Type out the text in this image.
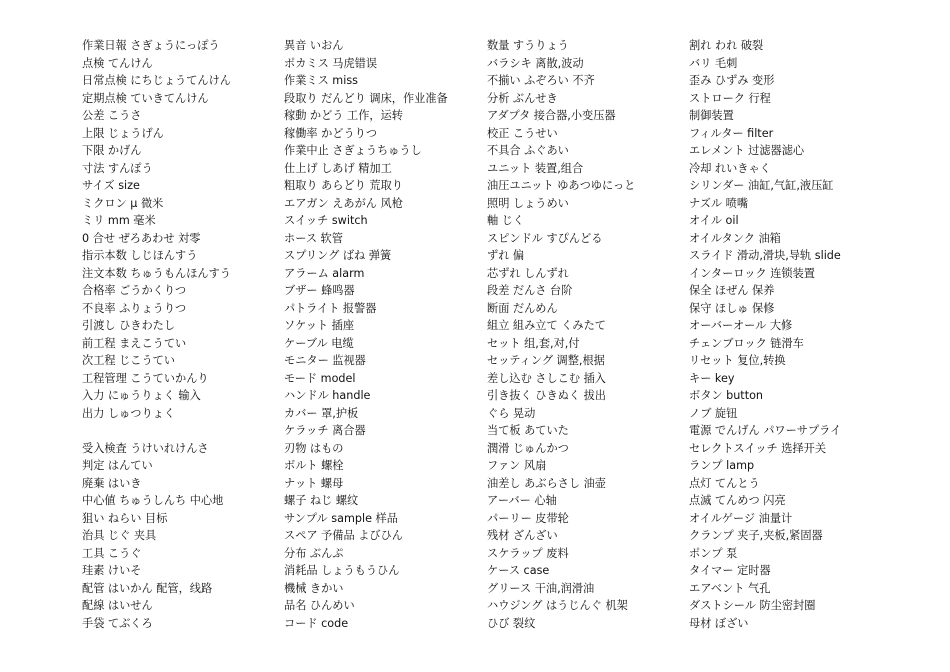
作業日報 さぎょうにっぽう
点検 てんけん
日常点検 にちじょうてんけん
定期点検 ていきてんけん
公差 こうさ
上限 じょうげん
下限 かげん
寸法 すんぽう
サイズ size
ミクロン μ 微米
ミリ mm 毫米
0 合せ ぜろあわせ 対零
指示本数 しじほんすう
注文本数 ちゅうもんほんすう
合格率 ごうかくりつ
不良率 ふりょうりつ
引渡し ひきわたし
前工程 まえこうてい
次工程 じこうてい
工程管理 こうていかんり
入力 にゅうりょく 输入
出力 しゅつりょく
受入検査 うけいれけんさ
判定 はんてい
廃棄 はいき
中心値 ちゅうしんち 中心地
狙い ねらい 目标
治具 じぐ 夹具
工具 こうぐ
珪素 けいそ
配管 はいかん 配管，线路
配線 はいせん
手袋 てぶくろ
異音 いおん
ポカミス 马虎错误
作業ミス miss
段取り だんどり 调床，作业准备
稼動 かどう 工作，运转
稼働率 かどうりつ
作業中止 さぎょうちゅうし
仕上げ しあげ 精加工
粗取り あらどり 荒取り
エアガン えあがん 风枪
スイッチ switch
ホース 软管
スプリング ばね 弹簧
アラーム alarm
ブザー 蜂鸣器
パトライト 报警器
ソケット 插座
ケーブル 电缆
モニター 监视器
モード model
ハンドル handle
カバー 罩,护板
ケラッチ 离合器
刃物 はもの
ボルト 螺栓
ナット 螺母
螺子 ねじ 螺纹
サンプル sample 样品
スペア 予備品 よびひん
分布 ぶんぷ
消耗品 しょうもうひん
機械 きかい
品名 ひんめい
コード code
数量 すうりょう
バラシキ 离散,波动
不揃い ふぞろい 不齐
分析 ぶんせき
アダプタ 接合器,小变压器
校正 こうせい
不具合 ふぐあい
ユニット 装置,组合
油圧ユニット ゆあつゆにっと
照明 しょうめい
軸 じく
スピンドル すぴんどる
ずれ 偏
芯ずれ しんずれ
段差 だんさ 台阶
断面 だんめん
組立 組み立て くみたて
セット 组,套,对,付
セッティング 调整,根据
差し込む さしこむ 插入
引き抜く ひきぬく 拔出
ぐら 晃动
当て板 あていた
潤滑 じゅんかつ
ファン 风扇
油差し あぶらさし 油壶
アーバー 心轴
パーリー 皮带轮
残材 ざんざい
スケラップ 废料
ケース case
グリース 干油,润滑油
ハウジング はうじんぐ 机架
ひび 裂纹
割れ われ 破裂
バリ 毛刺
歪み ひずみ 变形
ストローク 行程
制御装置
フィルター filter
エレメント 过滤器滤心
冷却 れいきゃく
シリンダー 油缸,气缸,液压缸
ナズル 喷嘴
オイル oil
オイルタンク 油箱
スライド 滑动,滑块,导轨 slide
インターロック 连锁装置
保全 ほぜん 保养
保守 ほしゅ 保修
オーバーオール 大修
チェンブロック 链滑车
リセット 复位,转换
キー key
ボタン button
ノブ 旋钮
電源 でんげん パワーサプライ
セレクトスイッチ 选择开关
ランプ lamp
点灯 てんとう
点滅 てんめつ 闪亮
オイルゲージ 油量计
クランプ 夹子,夹板,紧固器
ポンプ 泵
タイマー 定时器
エアベント 气孔
ダストシール 防尘密封圈
母材 ぼざい
